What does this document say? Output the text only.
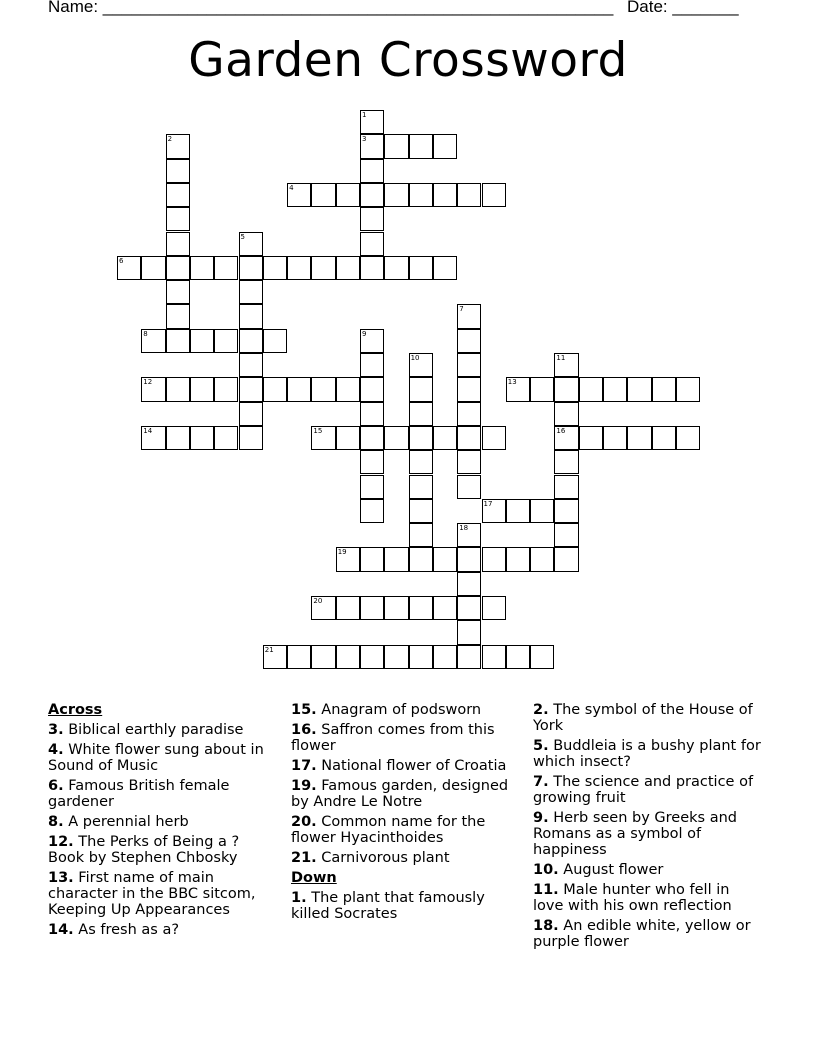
Name: ______________________________________________________ Date: _______
Garden Crossword
1
3
2
4
5
6
7
8	9
10	11
16
12	13
14	15
17
18
19
20
21
Across
3. Biblical earthly paradise
4. White flower sung about in Sound of Music
6. Famous British female gardener
8. A perennial herb
12. The Perks of Being a ? Book by Stephen Chbosky
13. First name of main character in the BBC sitcom, Keeping Up Appearances
14. As fresh as a?
15. Anagram of podsworn
16. Saffron comes from this flower
17. National flower of Croatia
19. Famous garden, designed by Andre Le Notre
20. Common name for the flower Hyacinthoides
21. Carnivorous plant
Down
1. The plant that famously killed Socrates
2. The symbol of the House of York
5. Buddleia is a bushy plant for which insect?
7. The science and practice of growing fruit
9. Herb seen by Greeks and Romans as a symbol of happiness
10. August flower
11. Male hunter who fell in love with his own reflection
18. An edible white, yellow or purple flower
